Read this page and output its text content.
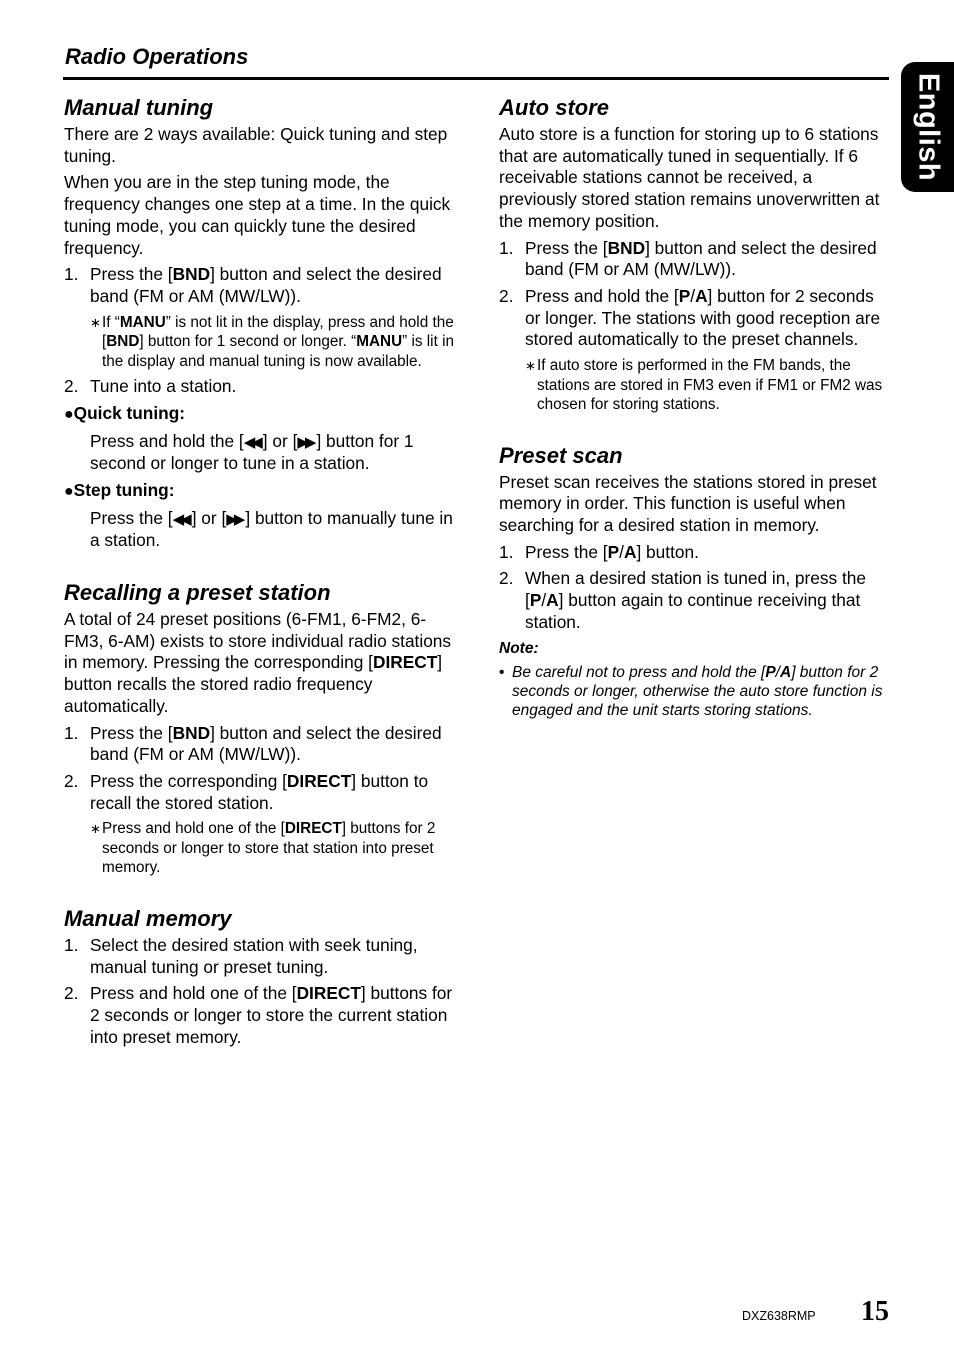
Radio Operations
English
Manual tuning

There are 2 ways available: Quick tuning and step tuning.

When you are in the step tuning mode, the frequency changes one step at a time. In the quick tuning mode, you can quickly tune the desired frequency.

1. Press the [BND] button and select the desired band (FM or AM (MW/LW)).
∗ If “MANU” is not lit in the display, press and hold the [BND] button for 1 second or longer. “MANU” is lit in the display and manual tuning is now available.
2. Tune into a station.
●Quick tuning:
Press and hold the [◀◀ ] or [▶▶ ] button for 1 second or longer to tune in a station.
●Step tuning:
Press the [◀◀ ] or [▶▶ ] button to manually tune in a station.
Recalling a preset station

A total of 24 preset positions (6-FM1, 6-FM2, 6-FM3, 6-AM) exists to store individual radio stations in memory. Pressing the corresponding [DIRECT] button recalls the stored radio frequency automatically.

1. Press the [BND] button and select the desired band (FM or AM (MW/LW)).
2. Press the corresponding [DIRECT] button to recall the stored station.
∗ Press and hold one of the [DIRECT] buttons for 2 seconds or longer to store that station into preset memory.
Manual memory
1. Select the desired station with seek tuning, manual tuning or preset tuning.
2. Press and hold one of the [DIRECT] buttons for 2 seconds or longer to store the current station into preset memory.
Auto store

Auto store is a function for storing up to 6 stations that are automatically tuned in sequentially. If 6 receivable stations cannot be received, a previously stored station remains unoverwritten at the memory position.

1. Press the [BND] button and select the desired band (FM or AM (MW/LW)).
2. Press and hold the [P/A] button for 2 seconds or longer. The stations with good reception are stored automatically to the preset channels.
∗ If auto store is performed in the FM bands, the stations are stored in FM3 even if FM1 or FM2 was chosen for storing stations.
Preset scan

Preset scan receives the stations stored in preset memory in order. This function is useful when searching for a desired station in memory.

1. Press the [P/A] button.
2. When a desired station is tuned in, press the [P/A] button again to continue receiving that station.
Note:
• Be careful not to press and hold the [P/A] button for 2 seconds or longer, otherwise the auto store function is engaged and the unit starts storing stations.
DXZ638RMP 15
